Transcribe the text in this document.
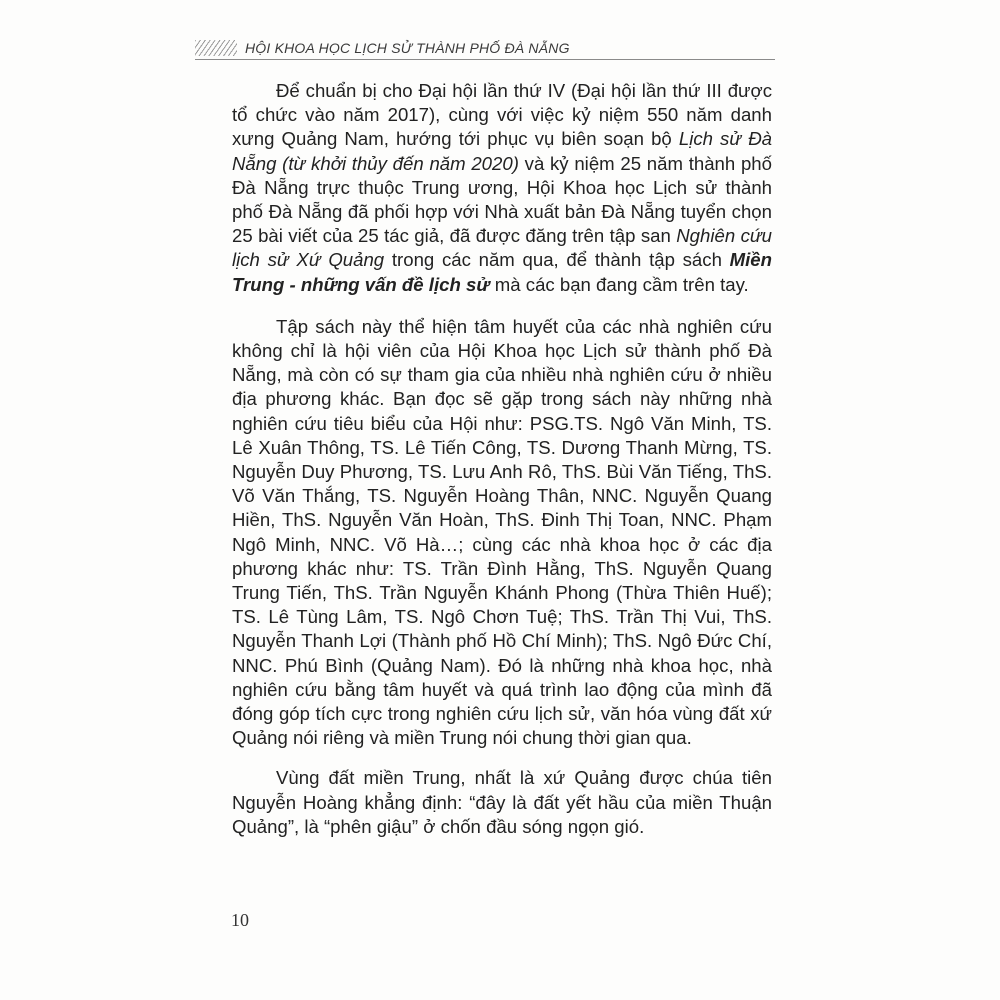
HỘI KHOA HỌC LỊCH SỬ THÀNH PHỐ ĐÀ NẴNG

Để chuẩn bị cho Đại hội lần thứ IV (Đại hội lần thứ III được tổ chức vào năm 2017), cùng với việc kỷ niệm 550 năm danh xưng Quảng Nam, hướng tới phục vụ biên soạn bộ Lịch sử Đà Nẵng (từ khởi thủy đến năm 2020) và kỷ niệm 25 năm thành phố Đà Nẵng trực thuộc Trung ương, Hội Khoa học Lịch sử thành phố Đà Nẵng đã phối hợp với Nhà xuất bản Đà Nẵng tuyển chọn 25 bài viết của 25 tác giả, đã được đăng trên tập san Nghiên cứu lịch sử Xứ Quảng trong các năm qua, để thành tập sách Miền Trung - những vấn đề lịch sử mà các bạn đang cầm trên tay.

Tập sách này thể hiện tâm huyết của các nhà nghiên cứu không chỉ là hội viên của Hội Khoa học Lịch sử thành phố Đà Nẵng, mà còn có sự tham gia của nhiều nhà nghiên cứu ở nhiều địa phương khác. Bạn đọc sẽ gặp trong sách này những nhà nghiên cứu tiêu biểu của Hội như: PSG.TS. Ngô Văn Minh, TS. Lê Xuân Thông, TS. Lê Tiến Công, TS. Dương Thanh Mừng, TS. Nguyễn Duy Phương, TS. Lưu Anh Rô, ThS. Bùi Văn Tiếng, ThS. Võ Văn Thắng, TS. Nguyễn Hoàng Thân, NNC. Nguyễn Quang Hiền, ThS. Nguyễn Văn Hoàn, ThS. Đinh Thị Toan, NNC. Phạm Ngô Minh, NNC. Võ Hà…; cùng các nhà khoa học ở các địa phương khác như: TS. Trần Đình Hằng, ThS. Nguyễn Quang Trung Tiến, ThS. Trần Nguyễn Khánh Phong (Thừa Thiên Huế); TS. Lê Tùng Lâm, TS. Ngô Chơn Tuệ; ThS. Trần Thị Vui, ThS. Nguyễn Thanh Lợi (Thành phố Hồ Chí Minh); ThS. Ngô Đức Chí, NNC. Phú Bình (Quảng Nam). Đó là những nhà khoa học, nhà nghiên cứu bằng tâm huyết và quá trình lao động của mình đã đóng góp tích cực trong nghiên cứu lịch sử, văn hóa vùng đất xứ Quảng nói riêng và miền Trung nói chung thời gian qua.

Vùng đất miền Trung, nhất là xứ Quảng được chúa tiên Nguyễn Hoàng khẳng định: “đây là đất yết hầu của miền Thuận Quảng”, là “phên giậu” ở chốn đầu sóng ngọn gió.

10
